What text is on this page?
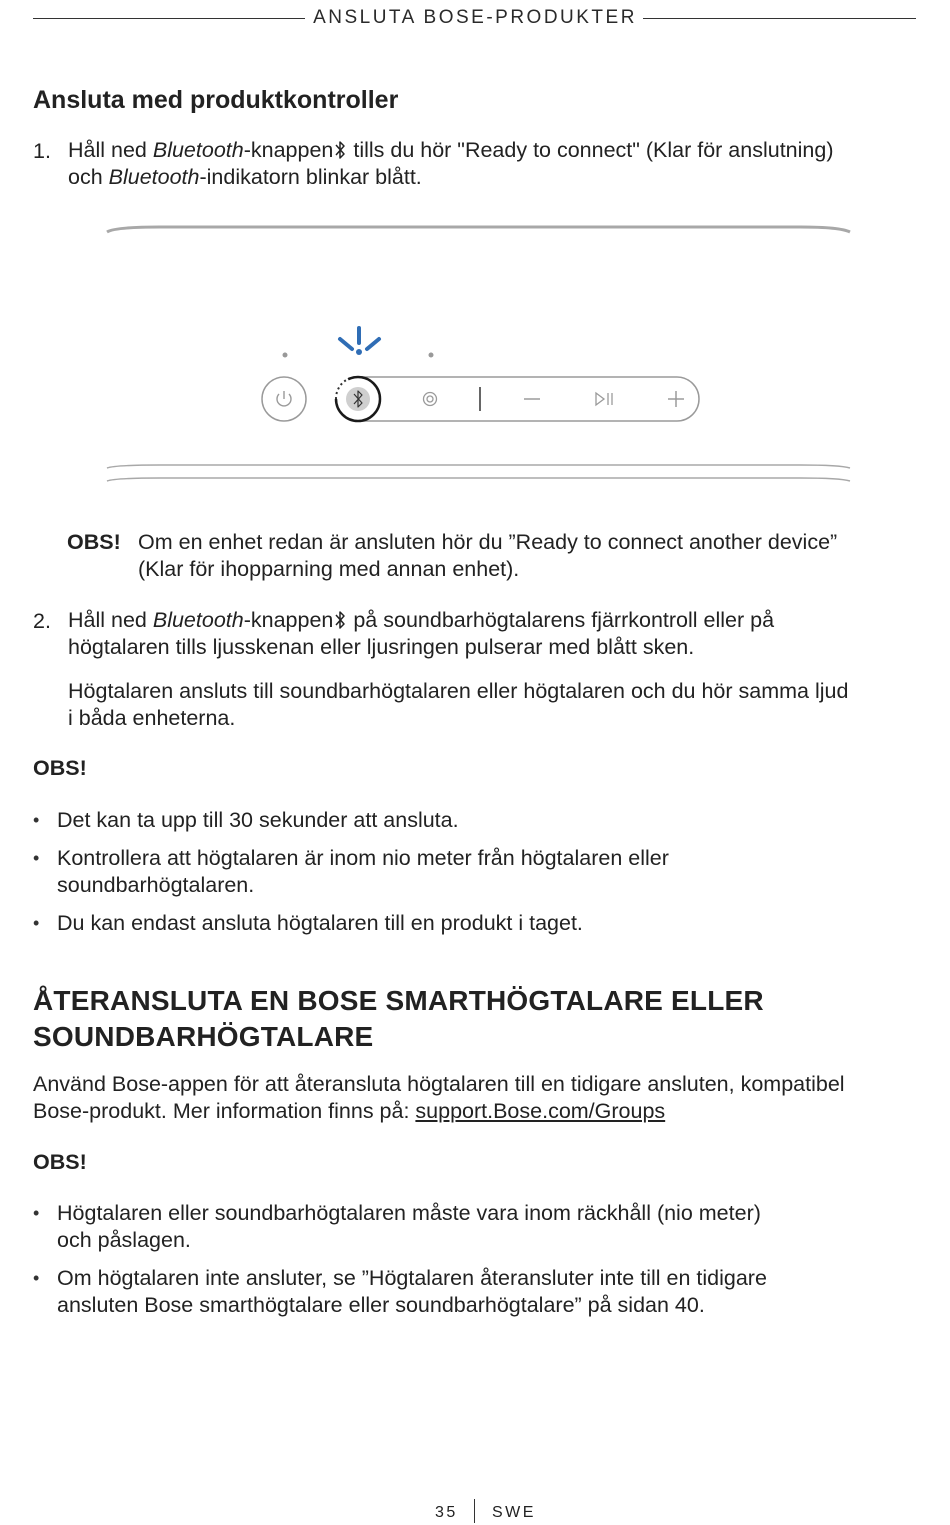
ANSLUTA BOSE-PRODUKTER
Ansluta med produktkontroller
1. Håll ned Bluetooth-knappen tills du hör "Ready to connect" (Klar för anslutning)
och Bluetooth-indikatorn blinkar blått.
OBS! Om en enhet redan är ansluten hör du ”Ready to connect another device”
(Klar för ihopparning med annan enhet).
2. Håll ned Bluetooth-knappen på soundbarhögtalarens fjärrkontroll eller på
högtalaren tills ljusskenan eller ljusringen pulserar med blått sken.
Högtalaren ansluts till soundbarhögtalaren eller högtalaren och du hör samma ljud
i båda enheterna.
OBS!
• Det kan ta upp till 30 sekunder att ansluta.
• Kontrollera att högtalaren är inom nio meter från högtalaren eller
soundbarhögtalaren.
• Du kan endast ansluta högtalaren till en produkt i taget.
ÅTERANSLUTA EN BOSE SMARTHÖGTALARE ELLER
SOUNDBARHÖGTALARE
Använd Bose-appen för att återansluta högtalaren till en tidigare ansluten, kompatibel
Bose-produkt. Mer information finns på: support.Bose.com/Groups
OBS!
• Högtalaren eller soundbarhögtalaren måste vara inom räckhåll (nio meter)
och påslagen.
• Om högtalaren inte ansluter, se ”Högtalaren återansluter inte till en tidigare
ansluten Bose smarthögtalare eller soundbarhögtalare” på sidan 40.
35 SWE
